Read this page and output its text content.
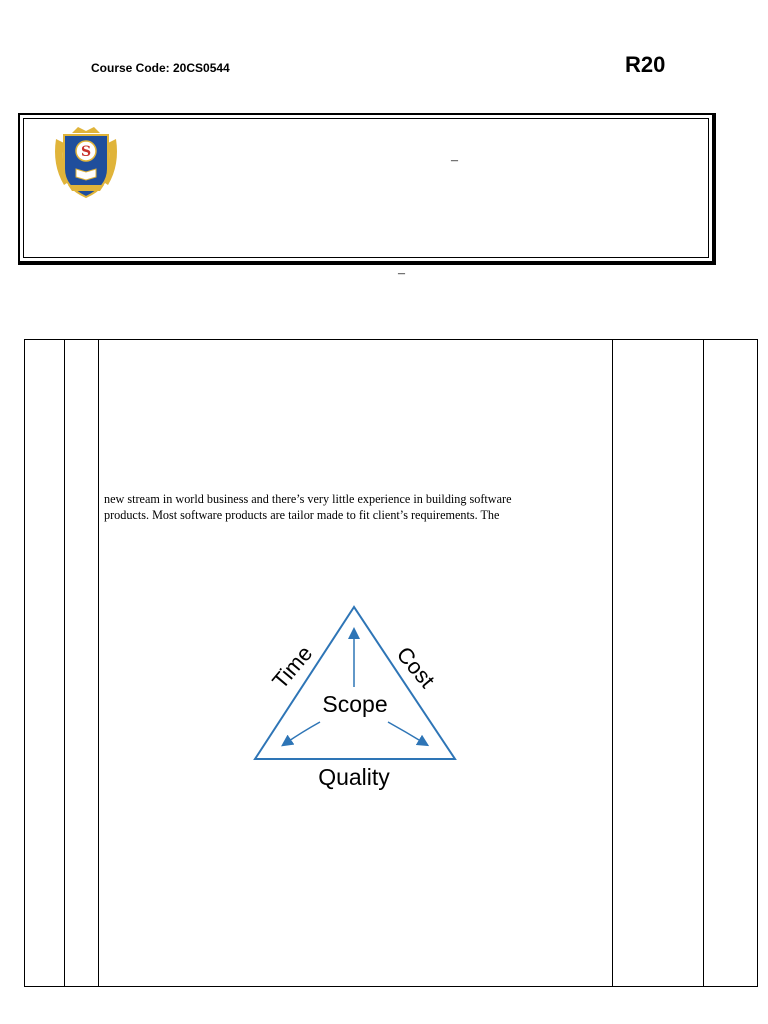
Course Code: 20CS0544	R20
S
–
–
new stream in world business and there’s very little experience in building software
products. Most software products are tailor made to fit client’s requirements. The
Time	Cost
Scope
Quality
